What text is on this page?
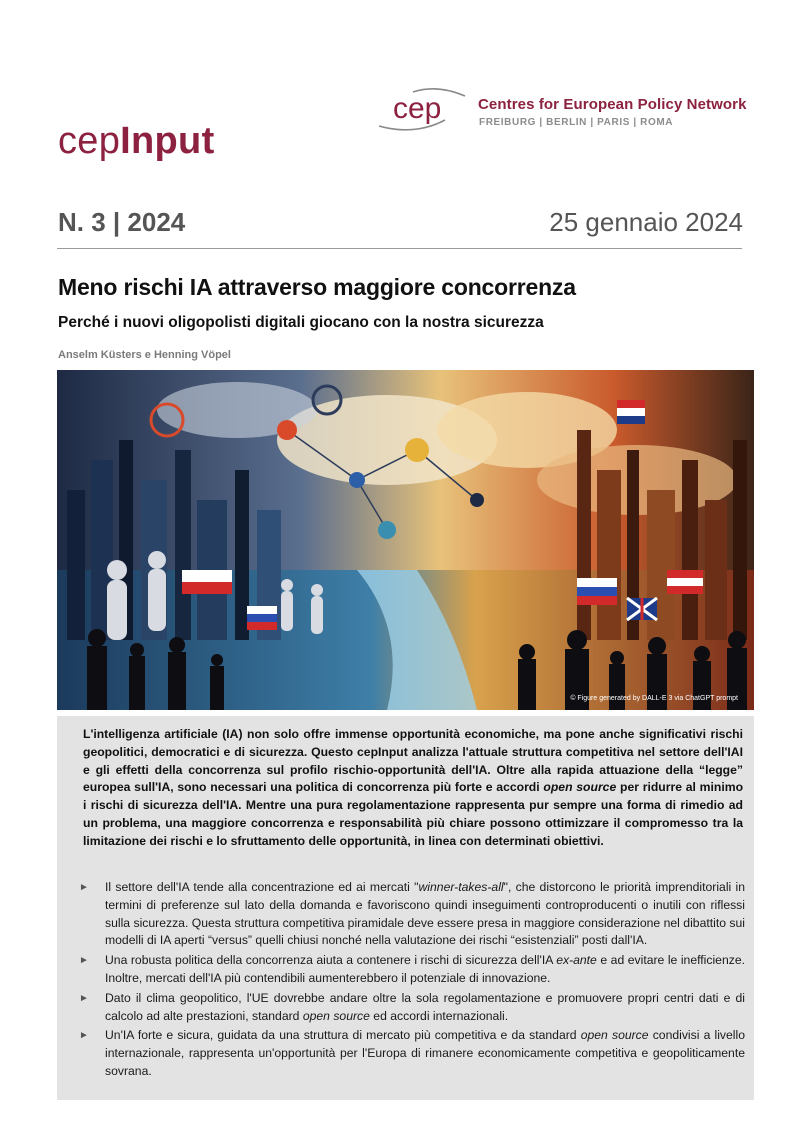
cep Centres for European Policy Network
FREIBURG | BERLIN | PARIS | ROMA
cepInput
N. 3 | 2024	25 gennaio 2024
Meno rischi IA attraverso maggiore concorrenza
Perché i nuovi oligopolisti digitali giocano con la nostra sicurezza
Anselm Küsters e Henning Vöpel
© Figure generated by DALL-E 3 via ChatGPT prompt

L'intelligenza artificiale (IA) non solo offre immense opportunità economiche, ma pone anche significativi rischi geopolitici, democratici e di sicurezza. Questo cepInput analizza l'attuale struttura competitiva nel settore dell'IAI e gli effetti della concorrenza sul profilo rischio-opportunità dell'IA. Oltre alla rapida attuazione della “legge” europea sull'IA, sono necessari una politica di concorrenza più forte e accordi open source per ridurre al minimo i rischi di sicurezza dell'IA. Mentre una pura regolamentazione rappresenta pur sempre una forma di rimedio ad un problema, una maggiore concorrenza e responsabilità più chiare possono ottimizzare il compromesso tra la limitazione dei rischi e lo sfruttamento delle opportunità, in linea con determinati obiettivi.

► Il settore dell'IA tende alla concentrazione ed ai mercati "winner-takes-all", che distorcono le priorità imprenditoriali in termini di preferenze sul lato della domanda e favoriscono quindi inseguimenti controproducenti o inutili con riflessi sulla sicurezza. Questa struttura competitiva piramidale deve essere presa in maggiore considerazione nel dibattito sui modelli di IA aperti “versus” quelli chiusi nonché nella valutazione dei rischi “esistenziali” posti dall'IA.
► Una robusta politica della concorrenza aiuta a contenere i rischi di sicurezza dell'IA ex-ante e ad evitare le inefficienze. Inoltre, mercati dell'IA più contendibili aumenterebbero il potenziale di innovazione.
► Dato il clima geopolitico, l'UE dovrebbe andare oltre la sola regolamentazione e promuovere propri centri dati e di calcolo ad alte prestazioni, standard open source ed accordi internazionali.
► Un'IA forte e sicura, guidata da una struttura di mercato più competitiva e da standard open source condivisi a livello internazionale, rappresenta un'opportunità per l'Europa di rimanere economicamente competitiva e geopoliticamente sovrana.
